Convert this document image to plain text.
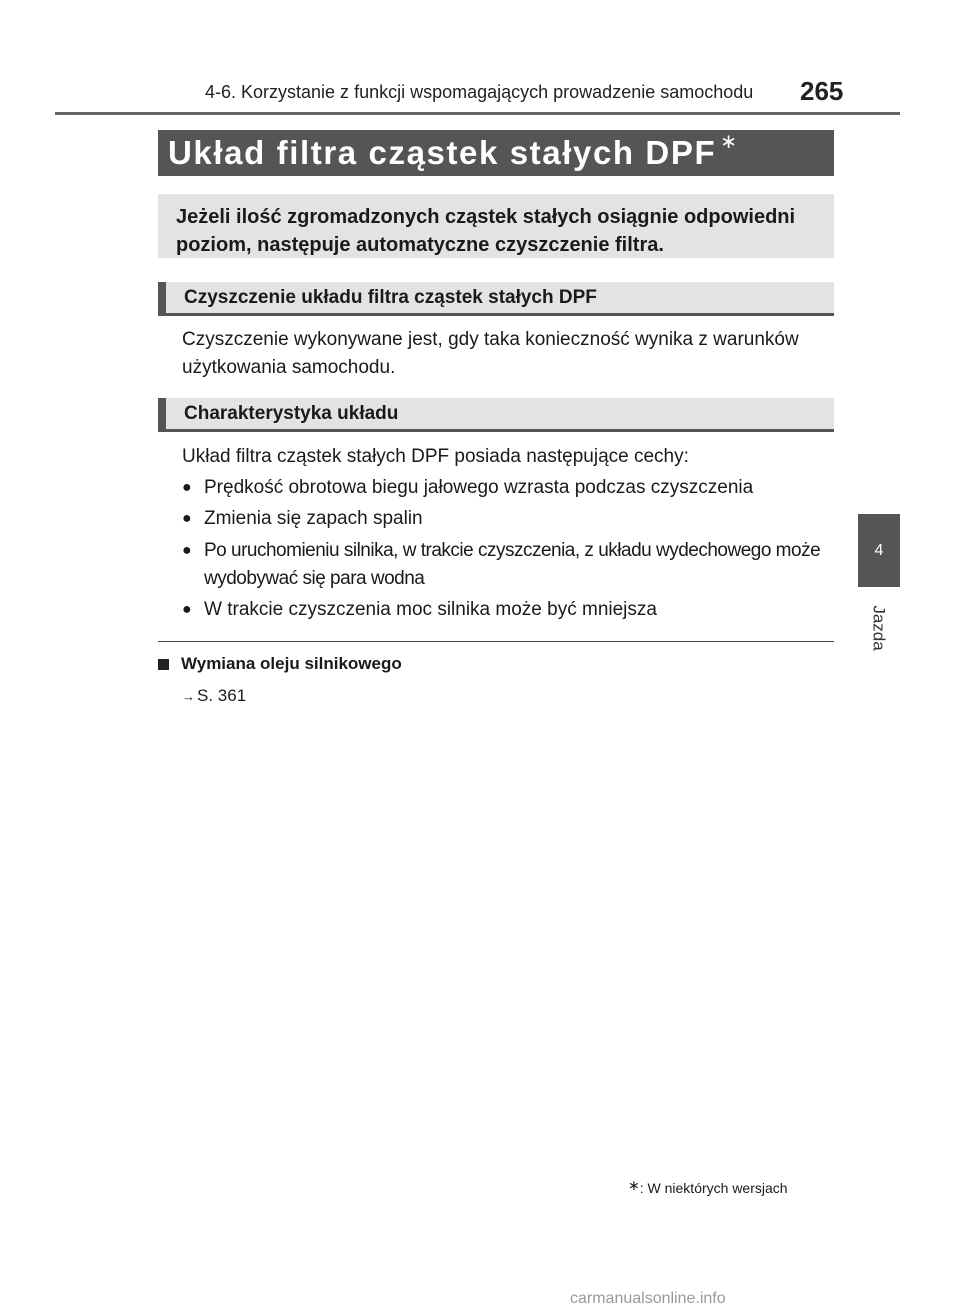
4-6. Korzystanie z funkcji wspomagających prowadzenie samochodu 265
4
Jazda
Układ filtra cząstek stałych DPF ∗
Jeżeli ilość zgromadzonych cząstek stałych osiągnie odpowiedni poziom, następuje automatyczne czyszczenie filtra.
Czyszczenie układu filtra cząstek stałych DPF
Czyszczenie wykonywane jest, gdy taka konieczność wynika z warunków użytkowania samochodu.
Charakterystyka układu
Układ filtra cząstek stałych DPF posiada następujące cechy:
● Prędkość obrotowa biegu jałowego wzrasta podczas czyszczenia
● Zmienia się zapach spalin
● Po uruchomieniu silnika, w trakcie czyszczenia, z układu wydechowego może wydobywać się para wodna
● W trakcie czyszczenia moc silnika może być mniejsza
Wymiana oleju silnikowego
→ S. 361
∗: W niektórych wersjach
carmanualsonline.info
